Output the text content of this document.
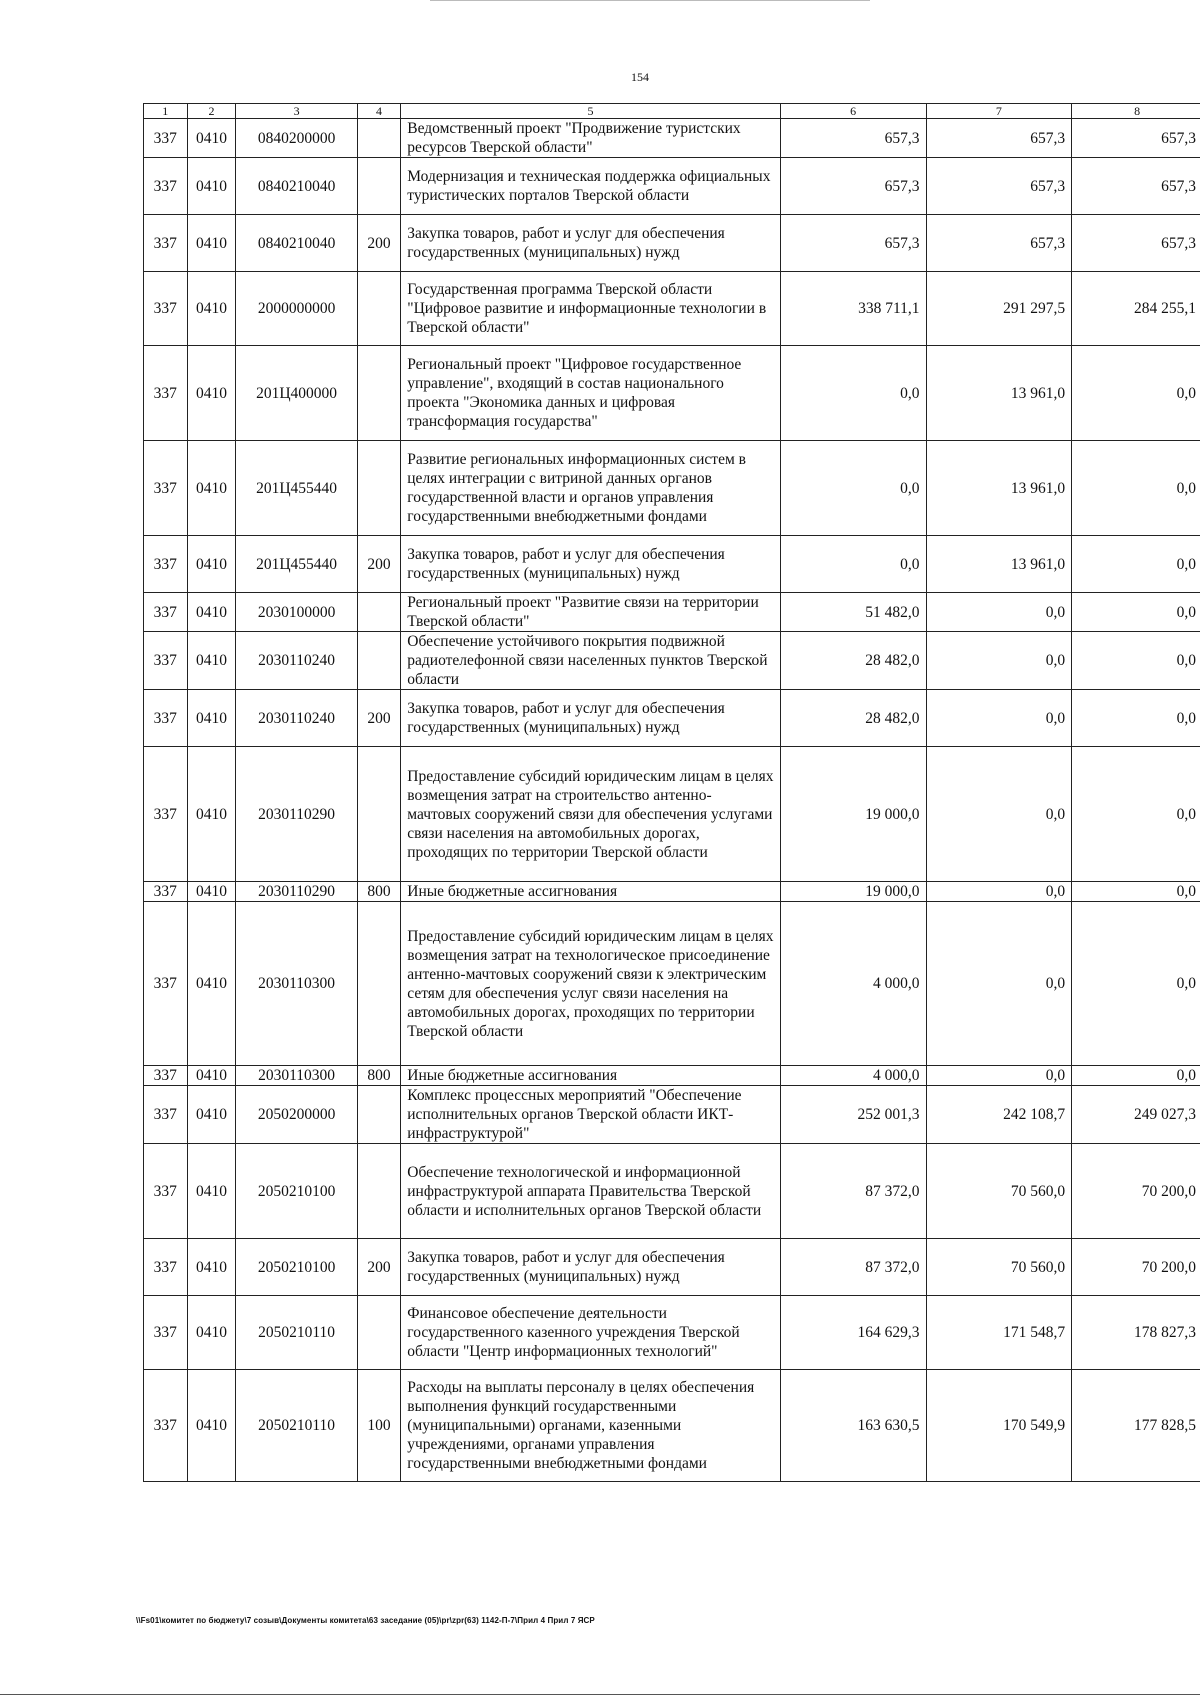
154
1	2	3	4	5	6	7	8
337	0410	0840200000		Ведомственный проект "Продвижение туристских ресурсов Тверской области"	657,3	657,3	657,3
337	0410	0840210040		Модернизация и техническая поддержка официальных туристических порталов Тверской области	657,3	657,3	657,3
337	0410	0840210040	200	Закупка товаров, работ и услуг для обеспечения государственных (муниципальных) нужд	657,3	657,3	657,3
337	0410	2000000000		Государственная программа Тверской области "Цифровое развитие и информационные технологии в Тверской области"	338 711,1	291 297,5	284 255,1
337	0410	201Ц400000		Региональный проект "Цифровое государственное управление", входящий в состав национального проекта "Экономика данных и цифровая трансформация государства"	0,0	13 961,0	0,0
337	0410	201Ц455440		Развитие региональных информационных систем в целях интеграции с витриной данных органов государственной власти и органов управления государственными внебюджетными фондами	0,0	13 961,0	0,0
337	0410	201Ц455440	200	Закупка товаров, работ и услуг для обеспечения государственных (муниципальных) нужд	0,0	13 961,0	0,0
337	0410	2030100000		Региональный проект "Развитие связи на территории Тверской области"	51 482,0	0,0	0,0
337	0410	2030110240		Обеспечение устойчивого покрытия подвижной радиотелефонной связи населенных пунктов Тверской области	28 482,0	0,0	0,0
337	0410	2030110240	200	Закупка товаров, работ и услуг для обеспечения государственных (муниципальных) нужд	28 482,0	0,0	0,0
337	0410	2030110290		Предоставление субсидий юридическим лицам в целях возмещения затрат на строительство антенно-мачтовых сооружений связи для обеспечения услугами связи населения на автомобильных дорогах, проходящих по территории Тверской области	19 000,0	0,0	0,0
337	0410	2030110290	800	Иные бюджетные ассигнования	19 000,0	0,0	0,0
337	0410	2030110300		Предоставление субсидий юридическим лицам в целях возмещения затрат на технологическое присоединение антенно-мачтовых сооружений связи к электрическим сетям для обеспечения услуг связи населения на автомобильных дорогах, проходящих по территории Тверской области	4 000,0	0,0	0,0
337	0410	2030110300	800	Иные бюджетные ассигнования	4 000,0	0,0	0,0
337	0410	2050200000		Комплекс процессных мероприятий "Обеспечение исполнительных органов Тверской области ИКТ-инфраструктурой"	252 001,3	242 108,7	249 027,3
337	0410	2050210100		Обеспечение технологической и информационной инфраструктурой аппарата Правительства Тверской области и исполнительных органов Тверской области	87 372,0	70 560,0	70 200,0
337	0410	2050210100	200	Закупка товаров, работ и услуг для обеспечения государственных (муниципальных) нужд	87 372,0	70 560,0	70 200,0
337	0410	2050210110		Финансовое обеспечение деятельности государственного казенного учреждения Тверской области "Центр информационных технологий"	164 629,3	171 548,7	178 827,3
337	0410	2050210110	100	Расходы на выплаты персоналу в целях обеспечения выполнения функций государственными (муниципальными) органами, казенными учреждениями, органами управления государственными внебюджетными фондами	163 630,5	170 549,9	177 828,5
\\Fs01\комитет по бюджету\7 созыв\Документы комитета\63 заседание (05)\pr\zpr(63) 1142-П-7\Прил 4 Прил 7 ЯСР
